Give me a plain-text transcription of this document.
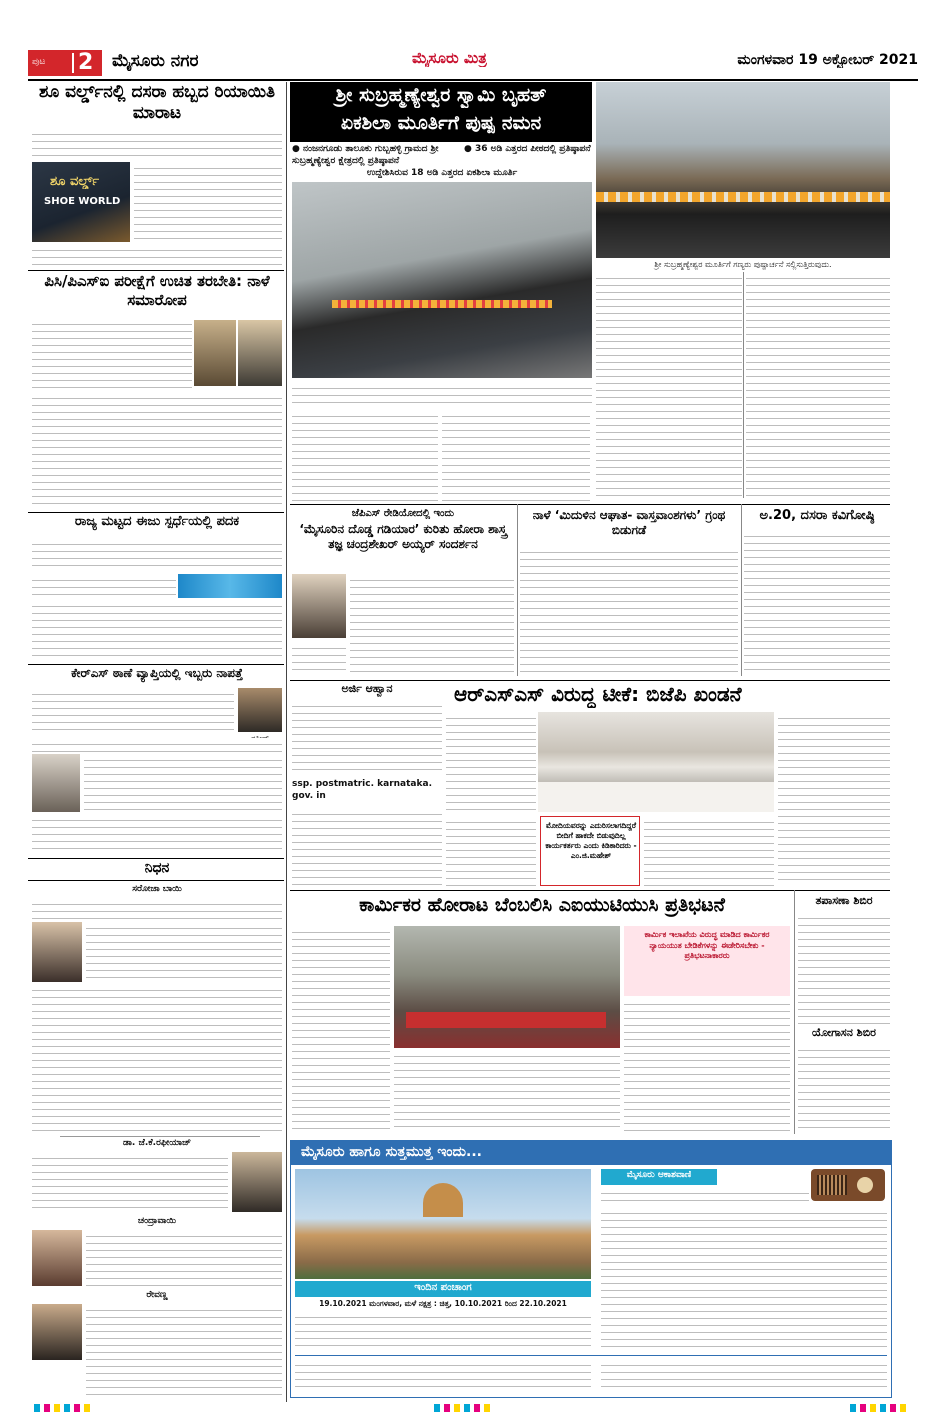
ಪುಟ 2 ಮೈಸೂರು ನಗರ	ಮೈಸೂರು ಮಿತ್ರ	ಮಂಗಳವಾರ 19 ಅಕ್ಟೋಬರ್ 2021
ಶೂ ವರ್ಲ್ಡ್‌ನಲ್ಲಿ ದಸರಾ ಹಬ್ಬದ ರಿಯಾಯಿತಿ ಮಾರಾಟ
ಶೂ ವರ್ಲ್ಡ್
SHOE WORLD
ಪಿಸಿ/ಪಿಎಸ್‌ಐ ಪರೀಕ್ಷೆಗೆ ಉಚಿತ ತರಬೇತಿ: ನಾಳೆ ಸಮಾರೋಪ
ರಾಜ್ಯ ಮಟ್ಟದ ಈಜು ಸ್ಪರ್ಧೆಯಲ್ಲಿ ಪದಕ
ಕೇರ್‌ಎಸ್ ಠಾಣೆ ವ್ಯಾಪ್ತಿಯಲ್ಲಿ ಇಬ್ಬರು ನಾಪತ್ತೆ
ನಿಧನ
ಸರೋಜಾ ಬಾಯಿ
ಡಾ. ಜೆ.ಕೆ.ರಫೀಯಾಜ್
ಚಂದ್ರಾವಾಯಿ
ರೇವಣ್ಣ
ಶ್ರೀ ಸುಬ್ರಹ್ಮಣ್ಯೇಶ್ವರ ಸ್ವಾಮಿ ಬೃಹತ್
ಏಕಶಿಲಾ ಮೂರ್ತಿಗೆ ಪುಷ್ಪ ನಮನ
ಶ್ರೀ ಸುಬ್ರಹ್ಮಣ್ಯೇಶ್ವರ ಮೂರ್ತಿಗೆ ಗಣ್ಯರು ಪುಷ್ಪಾರ್ಚನೆ ಸಲ್ಲಿಸುತ್ತಿರುವುದು.
● ನಂಜನಗೂಡು ತಾಲೂಕು ಗುಬ್ಬಹಳ್ಳಿ ಗ್ರಾಮದ ಶ್ರೀ ಸುಬ್ರಹ್ಮಣ್ಯೇಶ್ವರ ಕ್ಷೇತ್ರದಲ್ಲಿ ಪ್ರತಿಷ್ಠಾಪನೆ
● 36 ಅಡಿ ಎತ್ತರದ ಪೀಠದಲ್ಲಿ ಪ್ರತಿಷ್ಠಾಪನೆ
ಉದ್ದೇಶಿಸಿರುವ 18 ಅಡಿ ಎತ್ತರದ ಏಕಶಿಲಾ ಮೂರ್ತಿ
ಜೆಪಿಎಸ್ ರೇಡಿಯೋದಲ್ಲಿ ಇಂದು
‘ಮೈಸೂರಿನ ದೊಡ್ಡ ಗಡಿಯಾರ’ ಕುರಿತು ಹೋರಾ ಶಾಸ್ತ್ರ ತಜ್ಞ ಚಂದ್ರಶೇಖರ್ ಅಯ್ಯರ್ ಸಂದರ್ಶನ
ನಾಳೆ ‘ಮಿದುಳಿನ ಆಘಾತ- ವಾಸ್ತವಾಂಶಗಳು’ ಗ್ರಂಥ ಬಿಡುಗಡೆ
ಅ.20, ದಸರಾ ಕವಿಗೋಷ್ಠಿ
ಅರ್ಜಿ ಆಹ್ವಾನ
ssp. postmatric. karnataka. gov. in
ಆರ್‌ಎಸ್‌ಎಸ್ ವಿರುದ್ಧ ಟೀಕೆ: ಬಿಜೆಪಿ ಖಂಡನೆ
ಮೋದಿಯವರನ್ನು ಎದುರಿಸಲಾಗದಿದ್ದರೆ ಬೀದಿಗೆ ಹಾಕದೇ ಬಿಡುವುದಿಲ್ಲ ಕಾರ್ಯಕರ್ತರು ಎಂದು ಕಿಡಿಕಾರಿದರು - ಎಂ.ಜಿ.ಮಹೇಶ್
ಕಾರ್ಮಿಕರ ಹೋರಾಟ ಬೆಂಬಲಿಸಿ ಎಐಯುಟಿಯುಸಿ ಪ್ರತಿಭಟನೆ
ಕಾರ್ಮಿಕ ಇಲಾಖೆಯ ವಿರುದ್ಧ ಮಾಡಿದ ಕಾರ್ಮಿಕರ ನ್ಯಾಯಯುತ ಬೇಡಿಕೆಗಳನ್ನು ಈಡೇರಿಸಬೇಕು - ಪ್ರತಿಭಟನಾಕಾರರು
ತಪಾಸಣಾ ಶಿಬಿರ
ಯೋಗಾಸನ ಶಿಬಿರ
ಮೈಸೂರು ಹಾಗೂ ಸುತ್ತಮುತ್ತ ಇಂದು...
ಇಂದಿನ ಪಂಚಾಂಗ
19.10.2021 ಮಂಗಳವಾರ, ಮಳೆ ನಕ್ಷತ್ರ : ಚಿತ್ತ, 10.10.2021 ರಿಂದ 22.10.2021
ಮೈಸೂರು ಆಕಾಶವಾಣಿ
